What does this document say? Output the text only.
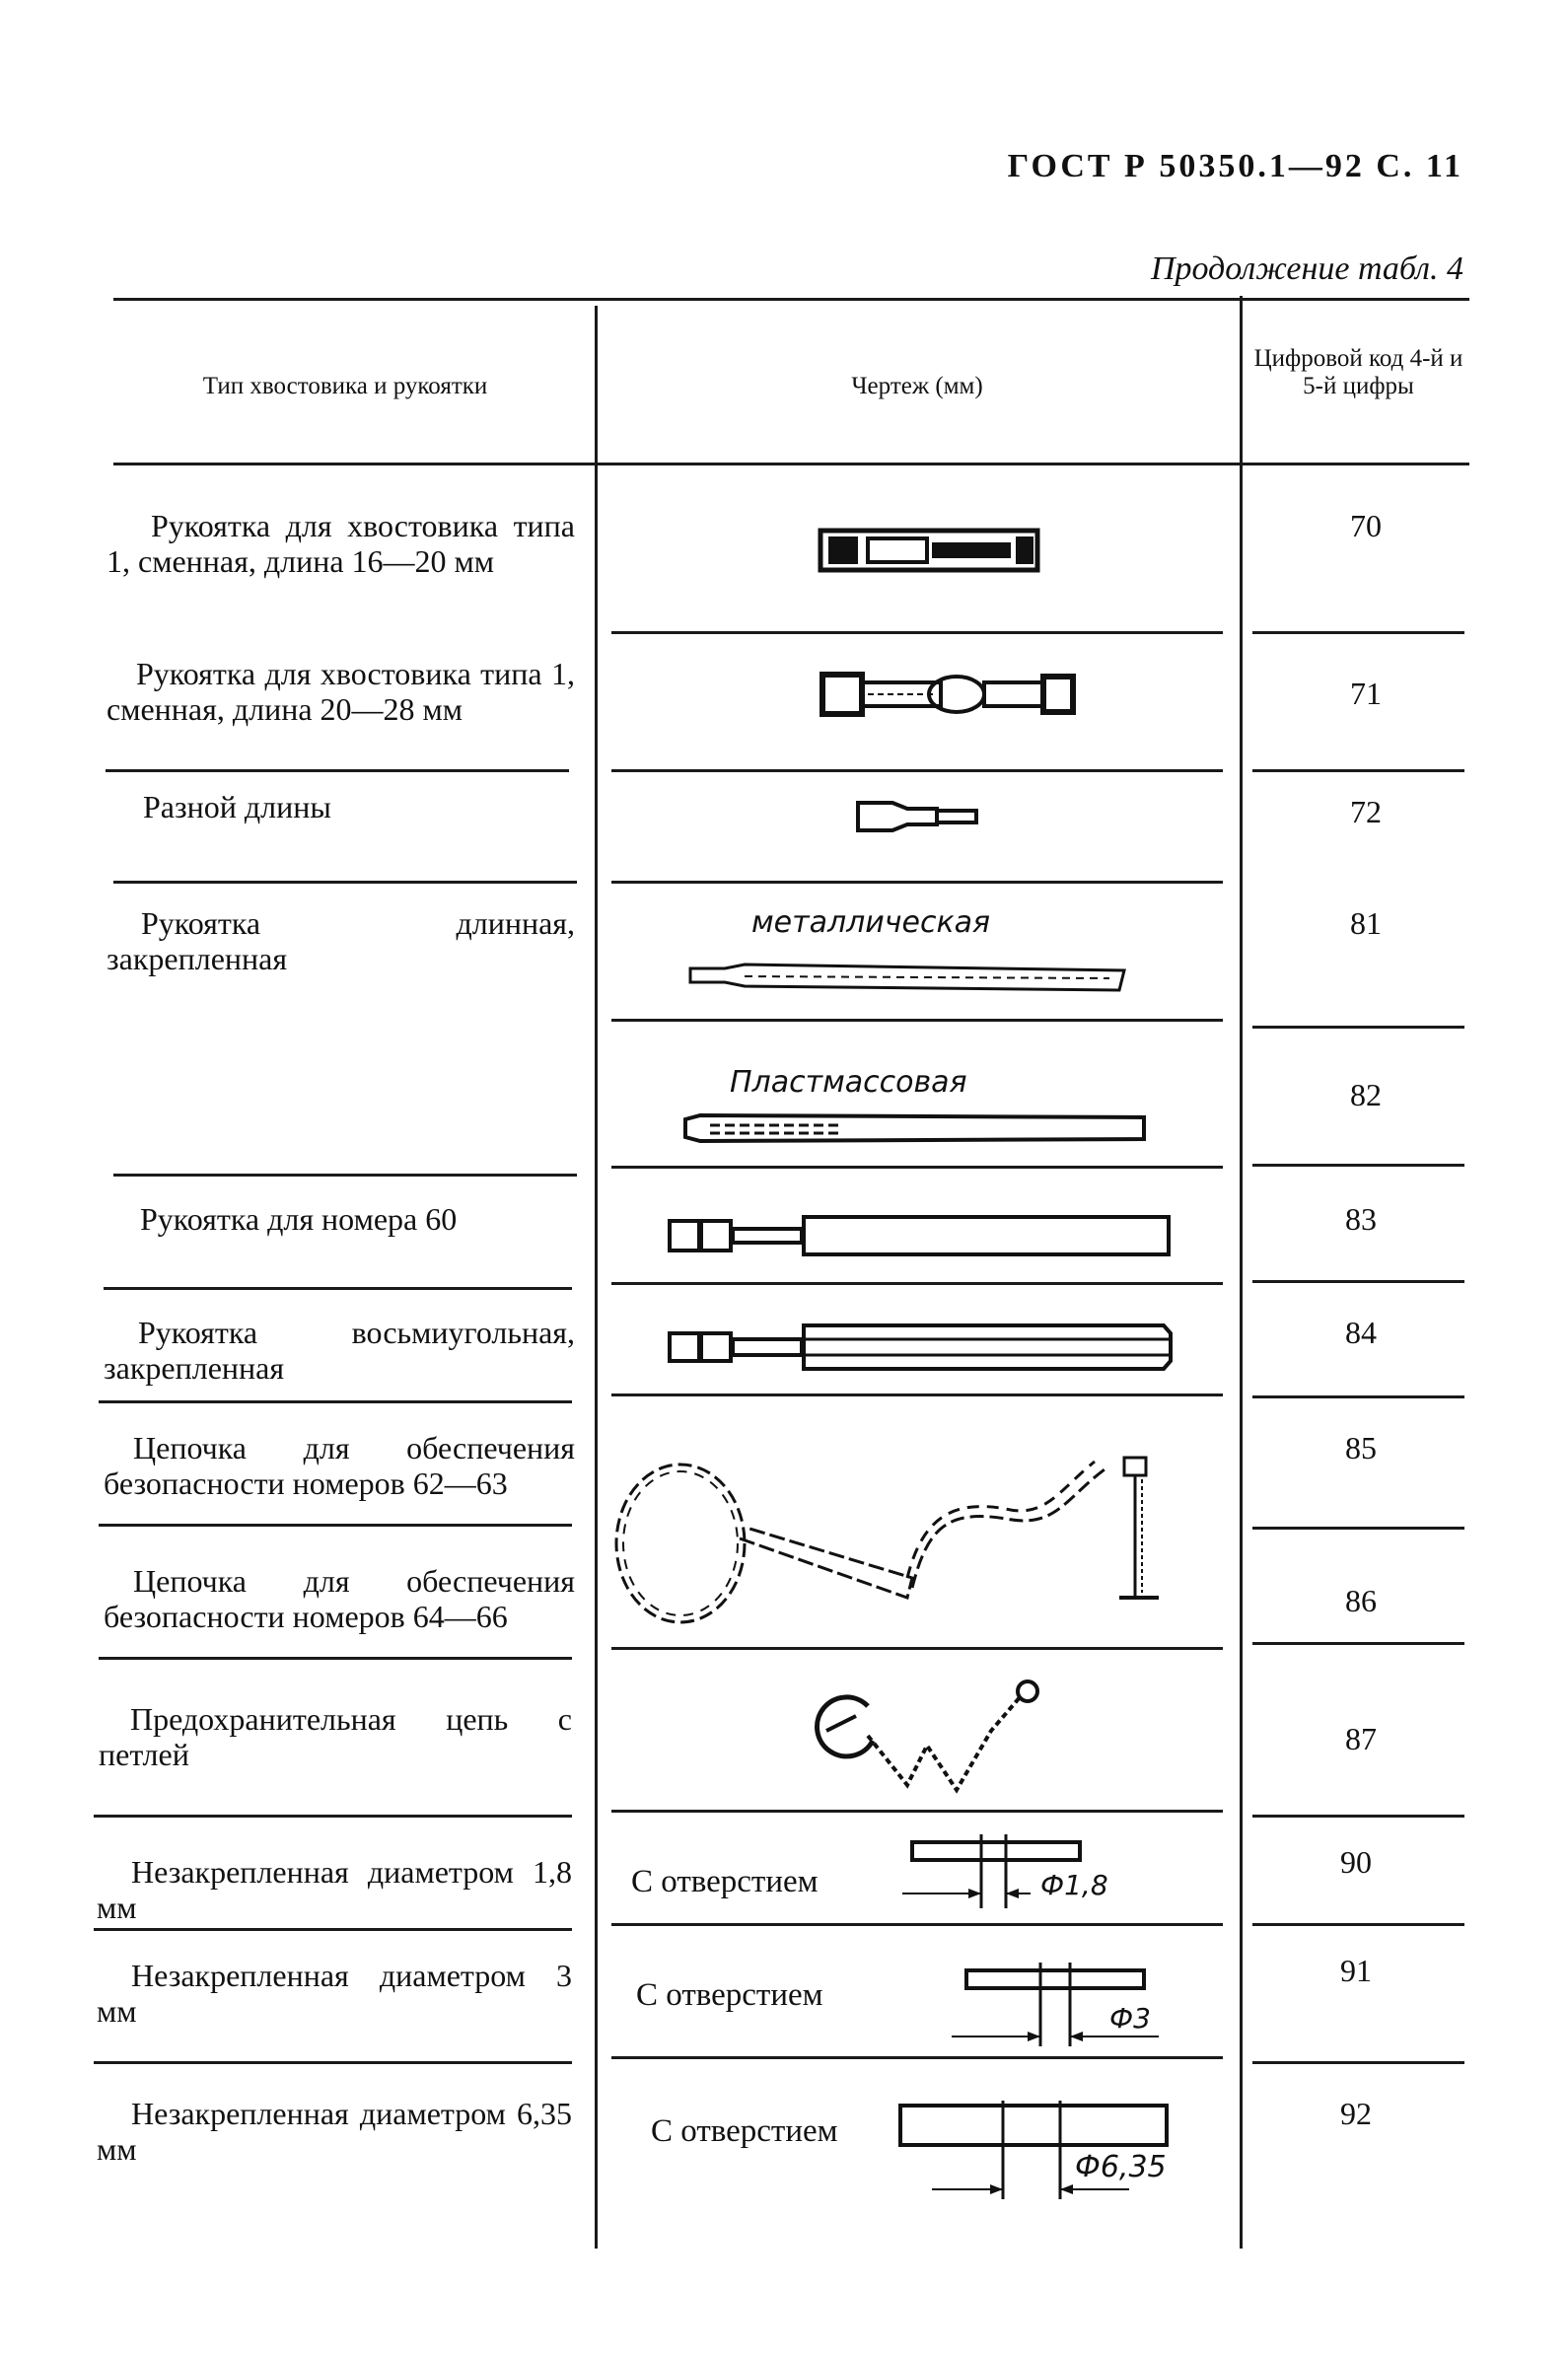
ГОСТ Р 50350.1—92 С. 11
Продолжение табл. 4
Тип хвостовика и рукоятки	Чертеж (мм)
Цифровой код 4-й и 5-й цифры
Рукоятка для хвостовика типа 1, сменная, длина 16—20 мм
Рукоятка для хвостовика типа 1, сменная, длина 20—28 мм
Разной длины
Рукоятка длинная, закрепленная
Рукоятка для номера 60
Рукоятка восьмиугольная, закрепленная
Цепочка для обеспечения безопасности номеров 62—63
Цепочка для обеспечения безопасности номеров 64—66
Предохранительная цепь с петлей
Незакрепленная диаметром 1,8 мм
Незакрепленная диаметром 3 мм
Незакрепленная диаметром 6,35 мм
70
71
72
81
82
83
84
85
86
87
90
91
92
металлическая
Пластмассовая
С отверстием	Ф1,8
С отверстием
Ф3
С отверстием
Ф6,35
